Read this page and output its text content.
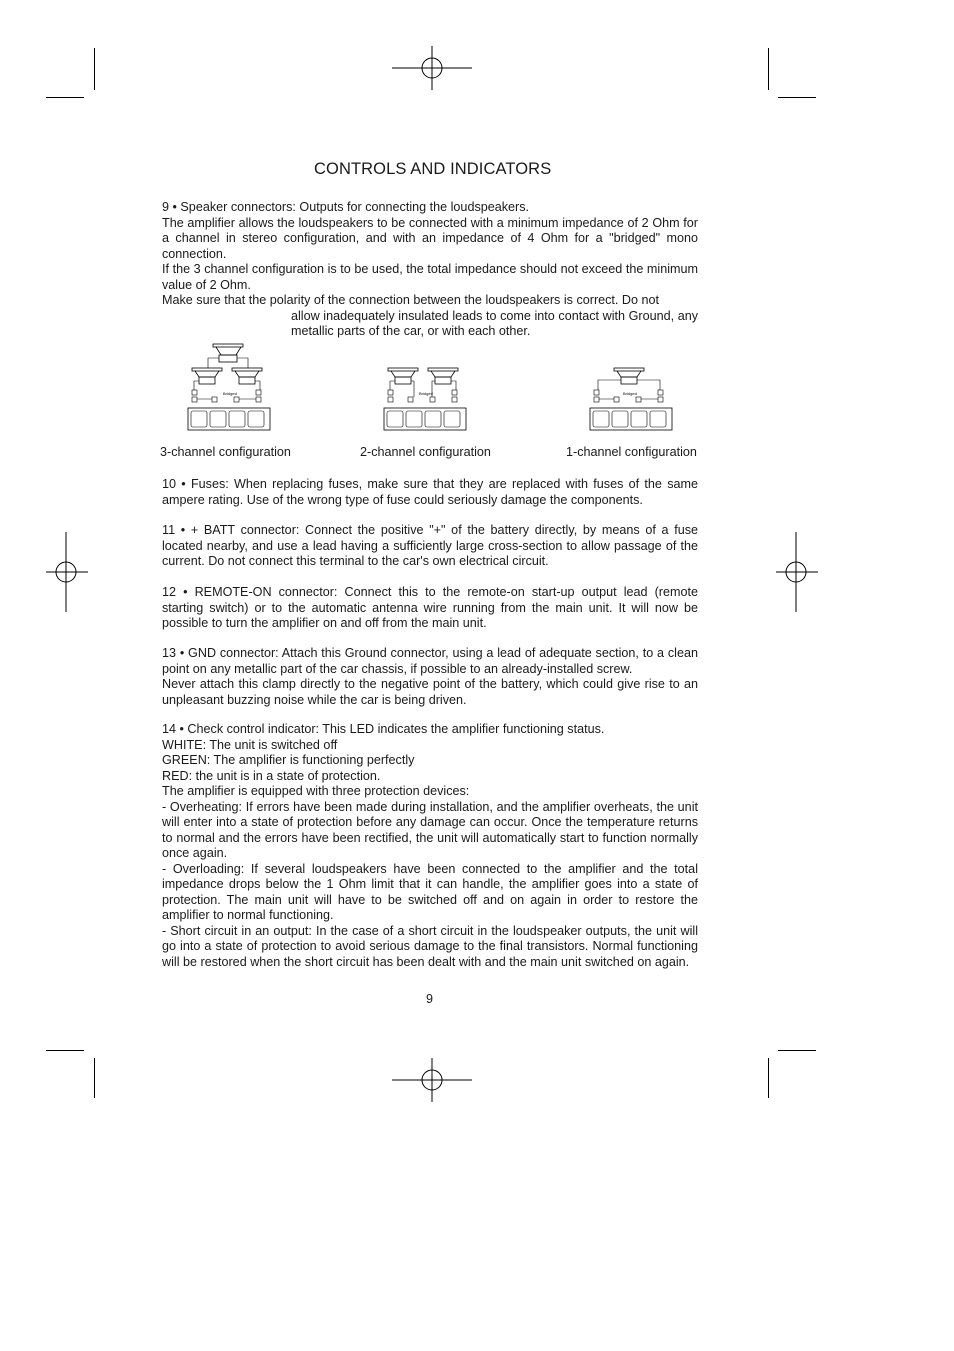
CONTROLS AND INDICATORS

9 • Speaker connectors: Outputs for connecting the loudspeakers.

The amplifier allows the loudspeakers to be connected with a minimum impedance of 2 Ohm for a channel in stereo configuration, and with an impedance of 4 Ohm for a "bridged" mono connection.

If the 3 channel configuration is to be used, the total impedance should not exceed the minimum value of 2 Ohm.

Make sure that the polarity of the connection between the loudspeakers is correct. Do not

allow inadequately insulated leads to come into contact with Ground, any metallic parts of the car, or with each other.

Bridged	Bridged	Bridged
3-channel configuration	2-channel configuration	1-channel configuration

10 • Fuses: When replacing fuses, make sure that they are replaced with fuses of the same ampere rating. Use of the wrong type of fuse could seriously damage the components.

11 • + BATT connector: Connect the positive "+" of the battery directly, by means of a fuse located nearby, and use a lead having a sufficiently large cross-section to allow passage of the current. Do not connect this terminal to the car's own electrical circuit.

12 • REMOTE-ON connector: Connect this to the remote-on start-up output lead (remote starting switch) or to the automatic antenna wire running from the main unit. It will now be possible to turn the amplifier on and off from the main unit.

13 • GND connector: Attach this Ground connector, using a lead of adequate section, to a clean point on any metallic part of the car chassis, if possible to an already-installed screw.

Never attach this clamp directly to the negative point of the battery, which could give rise to an unpleasant buzzing noise while the car is being driven.

14 • Check control indicator: This LED indicates the amplifier functioning status.

WHITE: The unit is switched off

GREEN: The amplifier is functioning perfectly

RED: the unit is in a state of protection.

The amplifier is equipped with three protection devices:

- Overheating: If errors have been made during installation, and the amplifier overheats, the unit will enter into a state of protection before any damage can occur. Once the temperature returns to normal and the errors have been rectified, the unit will automatically start to function normally once again.

- Overloading: If several loudspeakers have been connected to the amplifier and the total impedance drops below the 1 Ohm limit that it can handle, the amplifier goes into a state of protection. The main unit will have to be switched off and on again in order to restore the amplifier to normal functioning.

- Short circuit in an output: In the case of a short circuit in the loudspeaker outputs, the unit will go into a state of protection to avoid serious damage to the final transistors. Normal functioning will be restored when the short circuit has been dealt with and the main unit switched on again.

9
